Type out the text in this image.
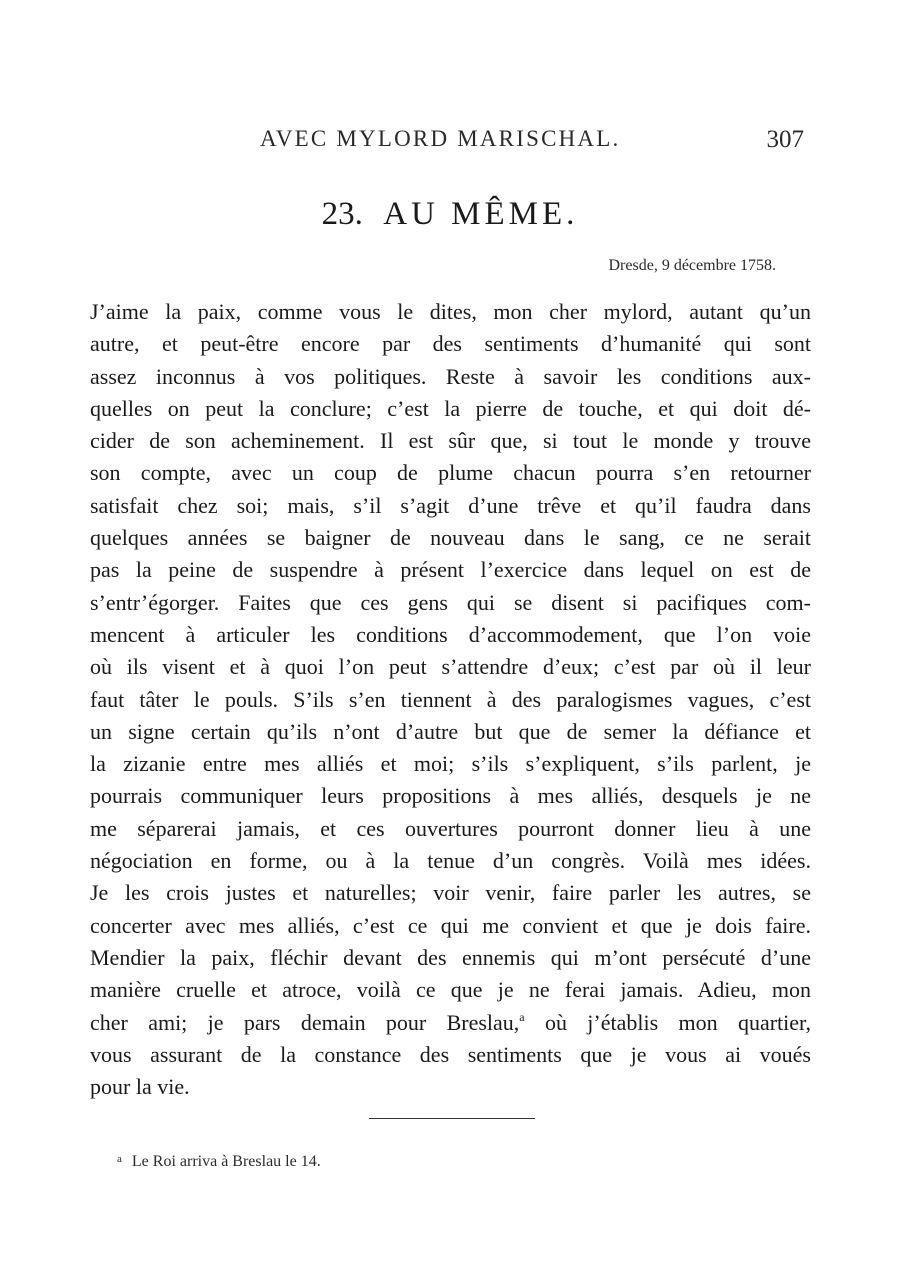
AVEC MYLORD MARISCHAL.	307
23. AU MÊME.
Dresde, 9 décembre 1758.
J’aime la paix, comme vous le dites, mon cher mylord, autant qu’un
autre, et peut-être encore par des sentiments d’humanité qui sont
assez inconnus à vos politiques. Reste à savoir les conditions aux-
quelles on peut la conclure; c’est la pierre de touche, et qui doit dé-
cider de son acheminement. Il est sûr que, si tout le monde y trouve
son compte, avec un coup de plume chacun pourra s’en retourner
satisfait chez soi; mais, s’il s’agit d’une trêve et qu’il faudra dans
quelques années se baigner de nouveau dans le sang, ce ne serait
pas la peine de suspendre à présent l’exercice dans lequel on est de
s’entr’égorger. Faites que ces gens qui se disent si pacifiques com-
mencent à articuler les conditions d’accommodement, que l’on voie
où ils visent et à quoi l’on peut s’attendre d’eux; c’est par où il leur
faut tâter le pouls. S’ils s’en tiennent à des paralogismes vagues, c’est
un signe certain qu’ils n’ont d’autre but que de semer la défiance et
la zizanie entre mes alliés et moi; s’ils s’expliquent, s’ils parlent, je
pourrais communiquer leurs propositions à mes alliés, desquels je ne
me séparerai jamais, et ces ouvertures pourront donner lieu à une
négociation en forme, ou à la tenue d’un congrès. Voilà mes idées.
Je les crois justes et naturelles; voir venir, faire parler les autres, se
concerter avec mes alliés, c’est ce qui me convient et que je dois faire.
Mendier la paix, fléchir devant des ennemis qui m’ont persécuté d’une
manière cruelle et atroce, voilà ce que je ne ferai jamais. Adieu, mon
cher ami; je pars demain pour Breslau,$^a$ où j’établis mon quartier,
vous assurant de la constance des sentiments que je vous ai voués
pour la vie.
$^a$ Le Roi arriva à Breslau le 14.
